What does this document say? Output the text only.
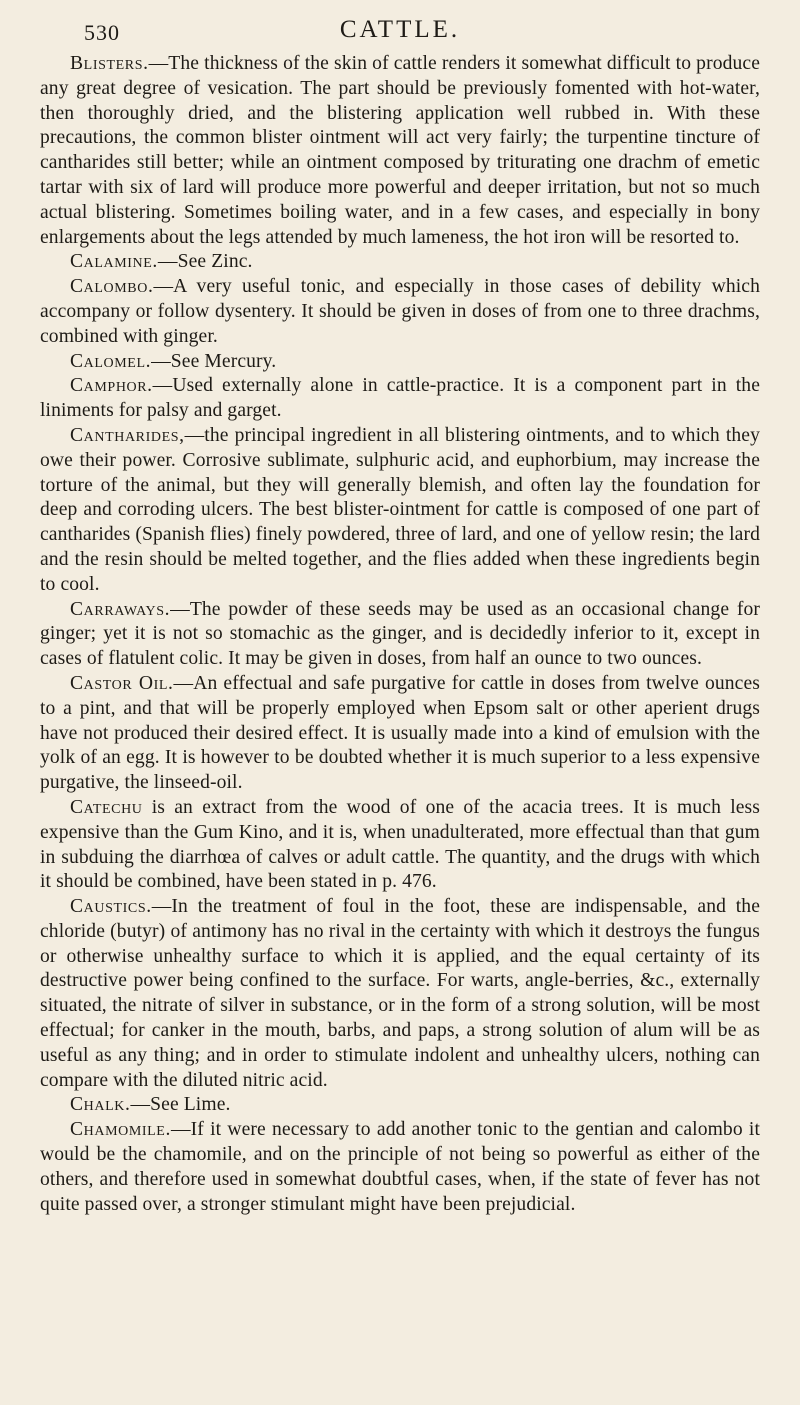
530	CATTLE.

Blisters.—The thickness of the skin of cattle renders it somewhat difficult to produce any great degree of vesication. The part should be previously fomented with hot-water, then thoroughly dried, and the blistering application well rubbed in. With these precautions, the common blister ointment will act very fairly; the turpentine tincture of cantharides still better; while an ointment composed by triturating one drachm of emetic tartar with six of lard will produce more powerful and deeper irritation, but not so much actual blistering. Sometimes boiling water, and in a few cases, and especially in bony enlargements about the legs attended by much lameness, the hot iron will be resorted to.

Calamine.—See Zinc.

Calombo.—A very useful tonic, and especially in those cases of debility which accompany or follow dysentery. It should be given in doses of from one to three drachms, combined with ginger.

Calomel.—See Mercury.

Camphor.—Used externally alone in cattle-practice. It is a component part in the liniments for palsy and garget.

Cantharides,—the principal ingredient in all blistering ointments, and to which they owe their power. Corrosive sublimate, sulphuric acid, and euphorbium, may increase the torture of the animal, but they will generally blemish, and often lay the foundation for deep and corroding ulcers. The best blister-ointment for cattle is composed of one part of cantharides (Spanish flies) finely powdered, three of lard, and one of yellow resin; the lard and the resin should be melted together, and the flies added when these ingredients begin to cool.

Carraways.—The powder of these seeds may be used as an occasional change for ginger; yet it is not so stomachic as the ginger, and is decidedly inferior to it, except in cases of flatulent colic. It may be given in doses, from half an ounce to two ounces.

Castor Oil.—An effectual and safe purgative for cattle in doses from twelve ounces to a pint, and that will be properly employed when Epsom salt or other aperient drugs have not produced their desired effect. It is usually made into a kind of emulsion with the yolk of an egg. It is however to be doubted whether it is much superior to a less expensive purgative, the linseed-oil.

Catechu is an extract from the wood of one of the acacia trees. It is much less expensive than the Gum Kino, and it is, when unadulterated, more effectual than that gum in subduing the diarrhœa of calves or adult cattle. The quantity, and the drugs with which it should be combined, have been stated in p. 476.

Caustics.—In the treatment of foul in the foot, these are indispensable, and the chloride (butyr) of antimony has no rival in the certainty with which it destroys the fungus or otherwise unhealthy surface to which it is applied, and the equal certainty of its destructive power being confined to the surface. For warts, angle-berries, &c., externally situated, the nitrate of silver in substance, or in the form of a strong solution, will be most effectual; for canker in the mouth, barbs, and paps, a strong solution of alum will be as useful as any thing; and in order to stimulate indolent and unhealthy ulcers, nothing can compare with the diluted nitric acid.

Chalk.—See Lime.

Chamomile.—If it were necessary to add another tonic to the gentian and calombo it would be the chamomile, and on the principle of not being so powerful as either of the others, and therefore used in somewhat doubtful cases, when, if the state of fever has not quite passed over, a stronger stimulant might have been prejudicial.
